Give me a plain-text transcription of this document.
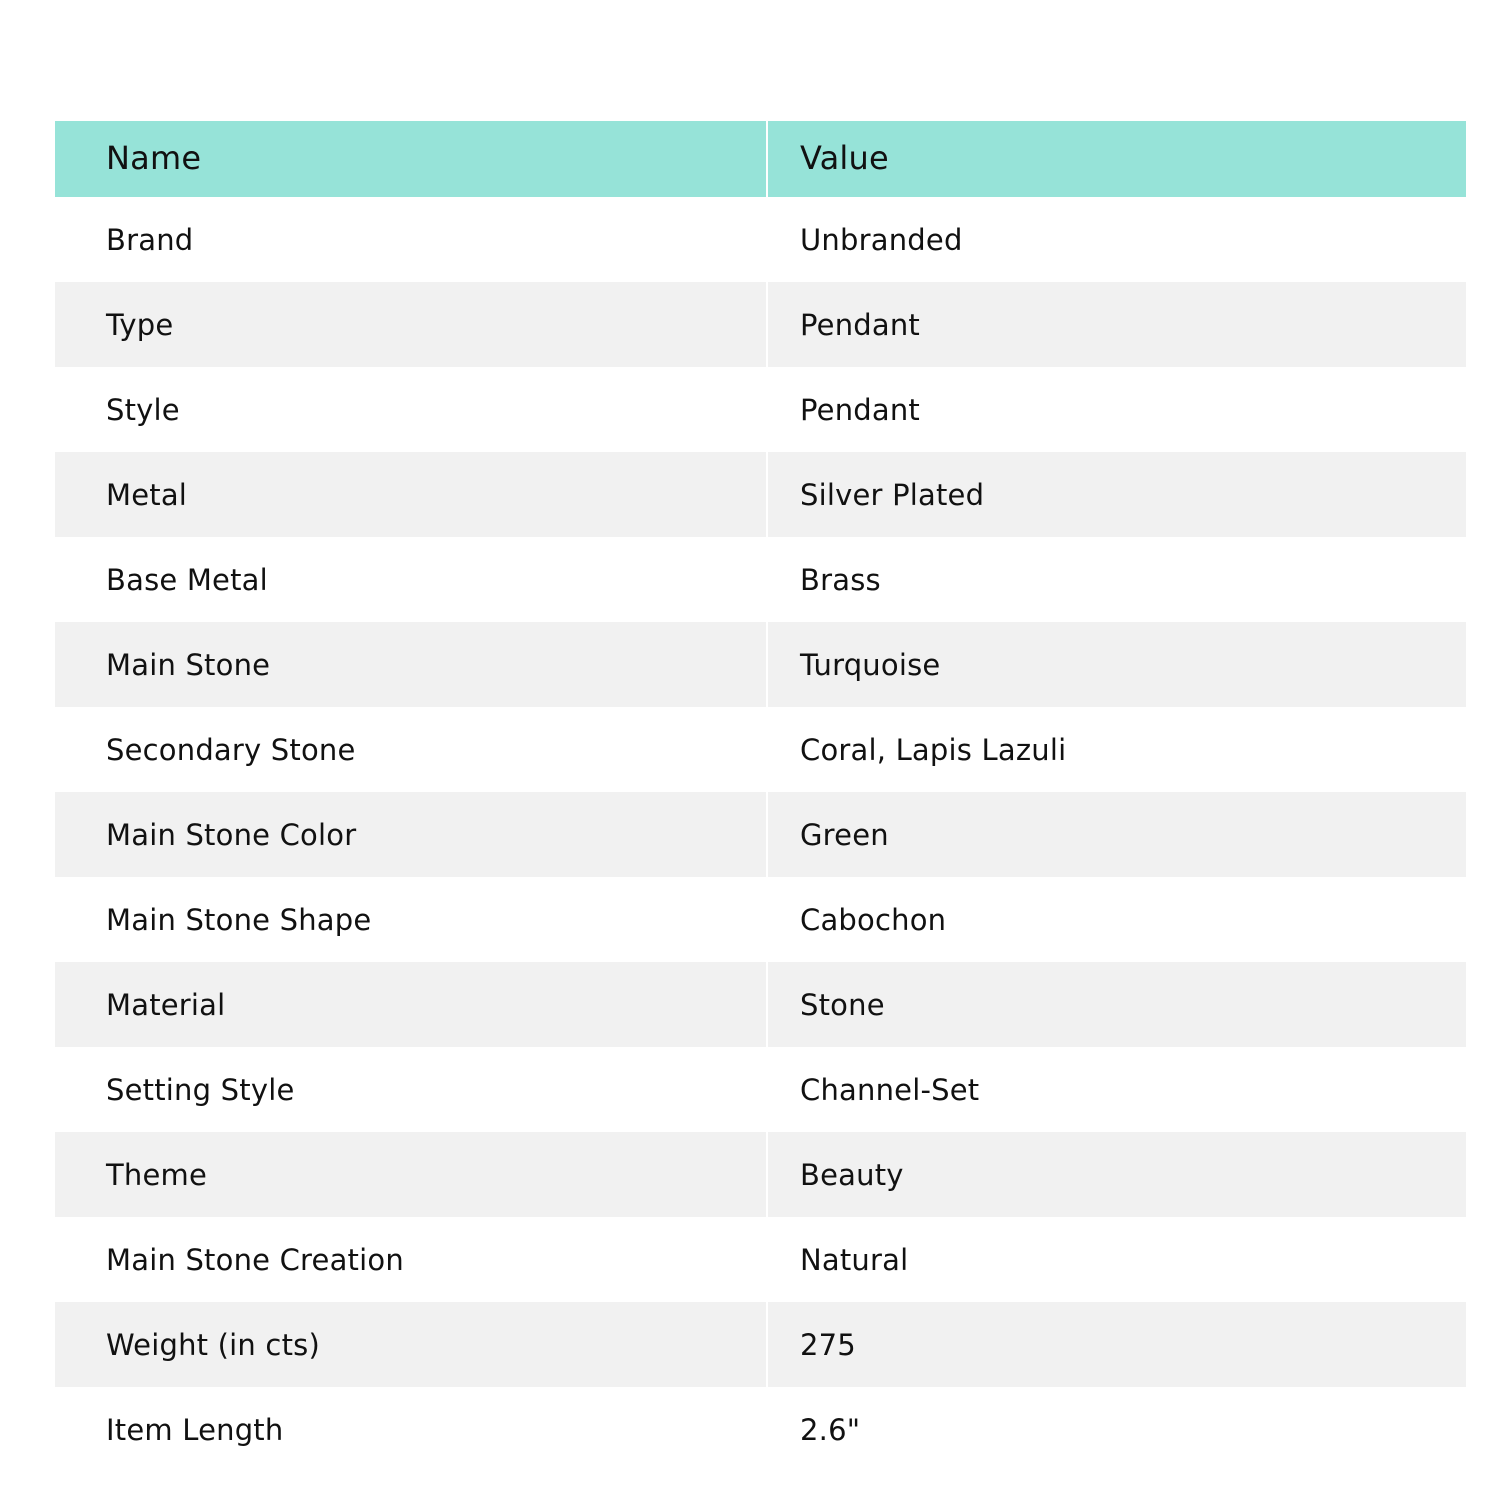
Name	Value
Brand	Unbranded
Type	Pendant
Style	Pendant
Metal	Silver Plated
Base Metal	Brass
Main Stone	Turquoise
Secondary Stone	Coral, Lapis Lazuli
Main Stone Color	Green
Main Stone Shape	Cabochon
Material	Stone
Setting Style	Channel-Set
Theme	Beauty
Main Stone Creation	Natural
Weight (in cts)	275
Item Length	2.6"
